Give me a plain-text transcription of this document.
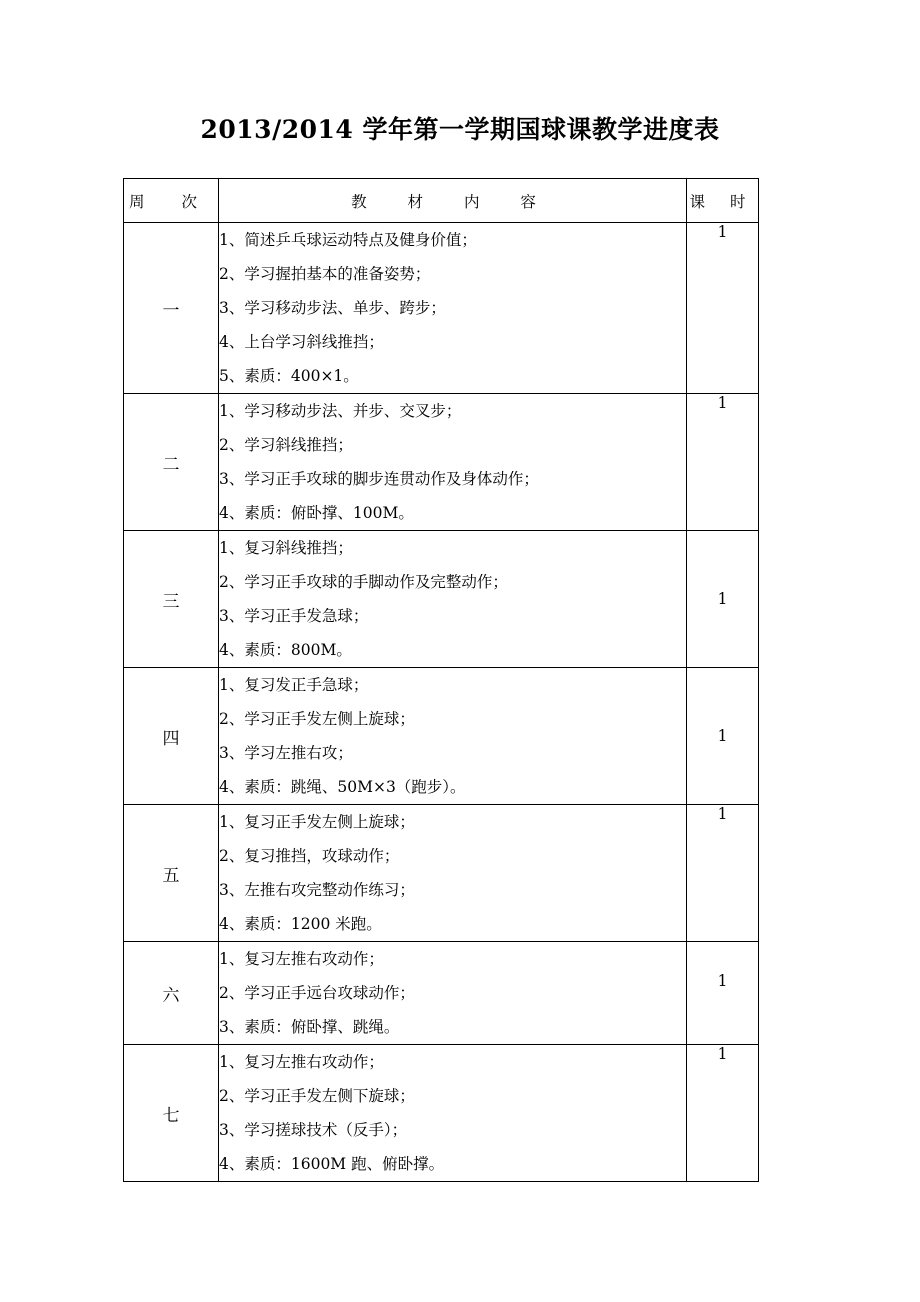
2013/2014 学年第一学期国球课教学进度表
周 次	教 材 内 容	课 时
一	1、简述乒乓球运动特点及健身价值；
2、学习握拍基本的准备姿势；
3、学习移动步法、单步、跨步；
4、上台学习斜线推挡；
5、素质：400×1。	1
二	1、学习移动步法、并步、交叉步；
2、学习斜线推挡；
3、学习正手攻球的脚步连贯动作及身体动作；
4、素质：俯卧撑、100M。	1
三	1、复习斜线推挡；
2、学习正手攻球的手脚动作及完整动作；
3、学习正手发急球；
4、素质：800M。	1
四	1、复习发正手急球；
2、学习正手发左侧上旋球；
3、学习左推右攻；
4、素质：跳绳、50M×3（跑步）。	1
五	1、复习正手发左侧上旋球；
2、复习推挡，攻球动作；
3、左推右攻完整动作练习；
4、素质：1200 米跑。	1
六	1、复习左推右攻动作；
2、学习正手远台攻球动作；
3、素质：俯卧撑、跳绳。	1
七	1、复习左推右攻动作；
2、学习正手发左侧下旋球；
3、学习搓球技术（反手）；
4、素质：1600M 跑、俯卧撑。	1
